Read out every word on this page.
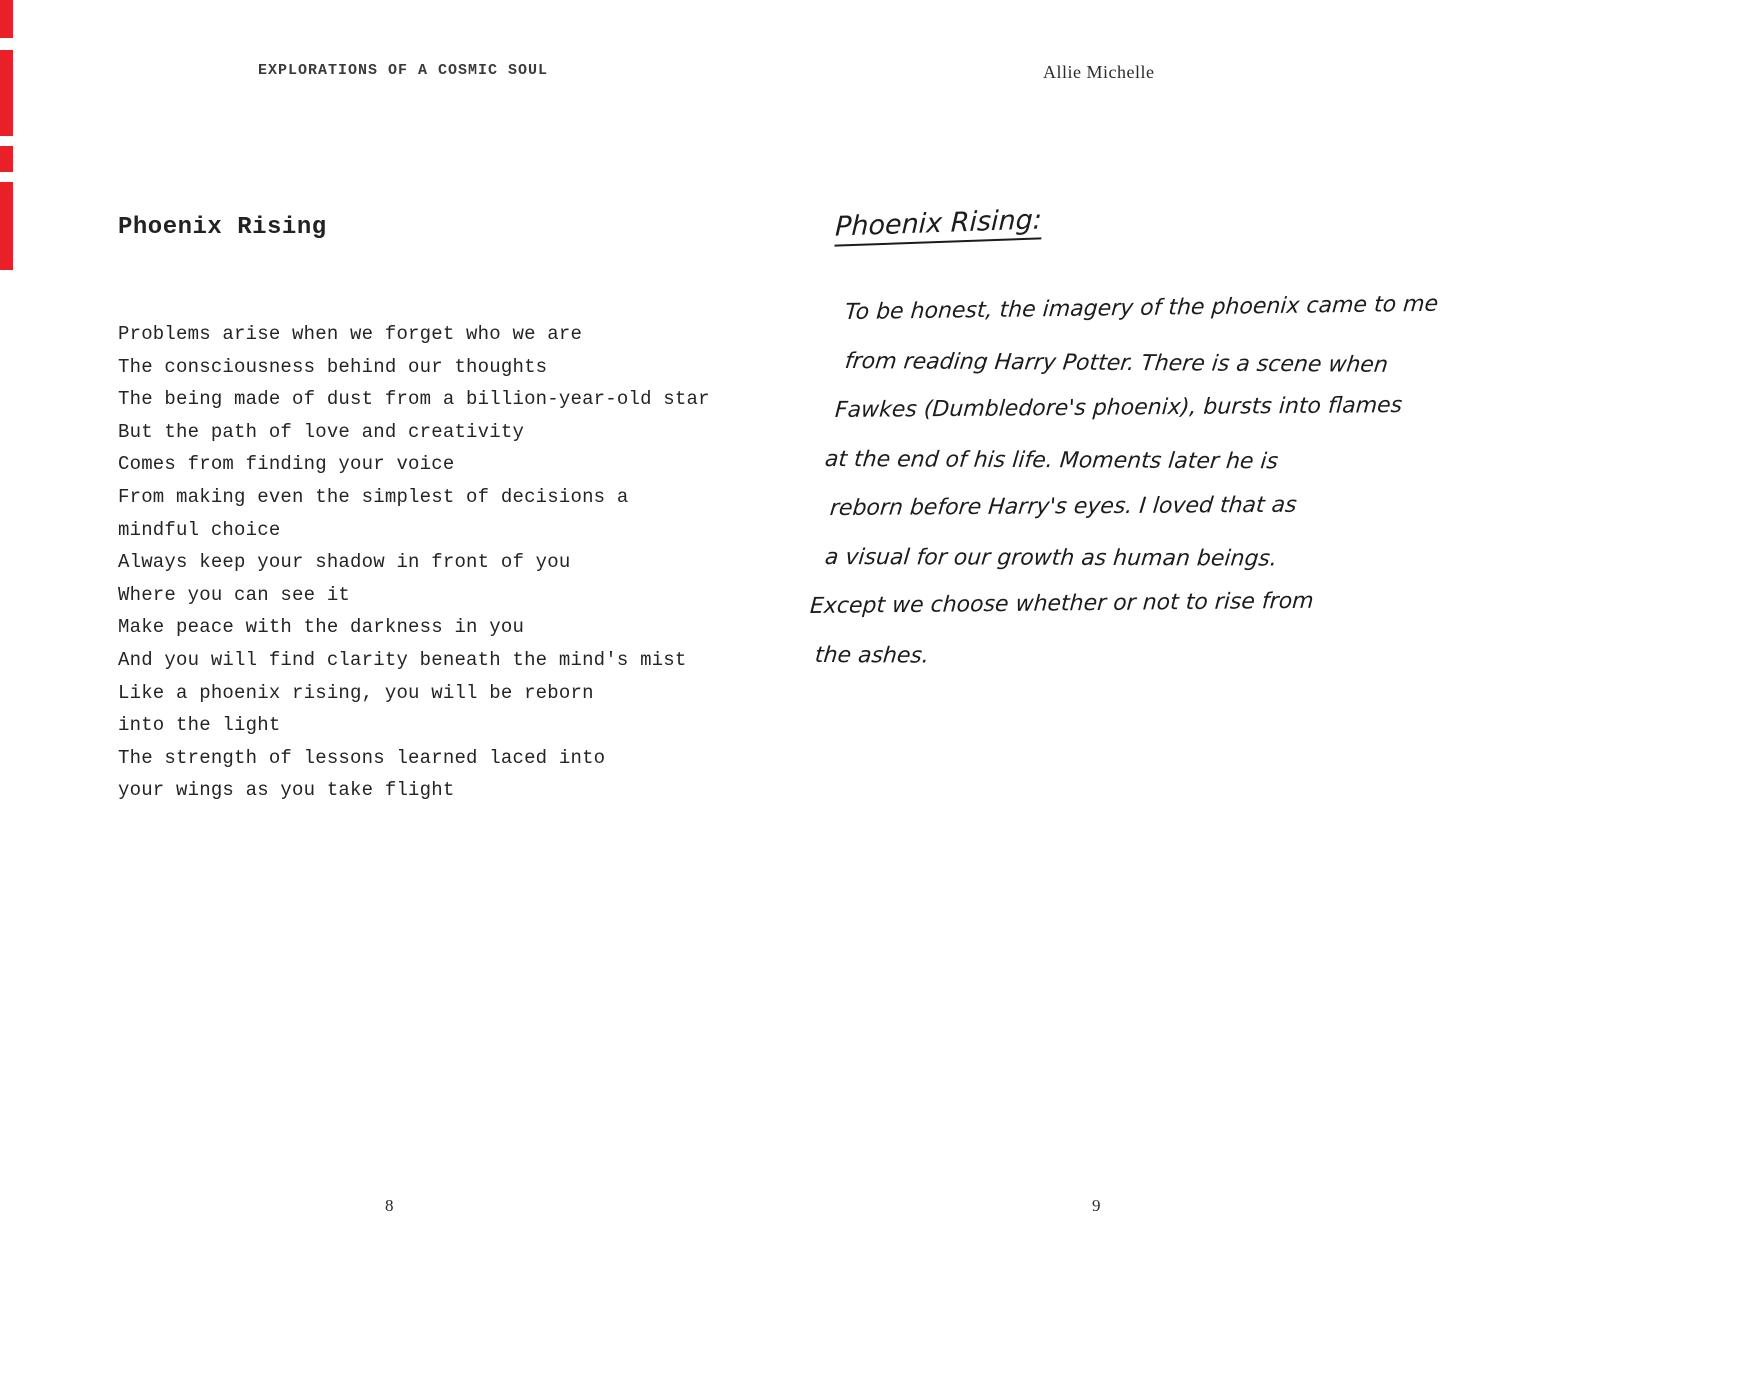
EXPLORATIONS OF A COSMIC SOUL
Phoenix Rising
Problems arise when we forget who we are
The consciousness behind our thoughts
The being made of dust from a billion-year-old star
But the path of love and creativity
Comes from finding your voice
From making even the simplest of decisions a
mindful choice
Always keep your shadow in front of you
Where you can see it
Make peace with the darkness in you
And you will find clarity beneath the mind's mist
Like a phoenix rising, you will be reborn
into the light
The strength of lessons learned laced into
your wings as you take flight
8
Allie Michelle
Phoenix Rising:
To be honest, the imagery of the phoenix came to me
from reading Harry Potter. There is a scene when
Fawkes (Dumbledore's phoenix), bursts into flames
at the end of his life. Moments later he is
reborn before Harry's eyes. I loved that as
a visual for our growth as human beings.
Except we choose whether or not to rise from
the ashes.
9
